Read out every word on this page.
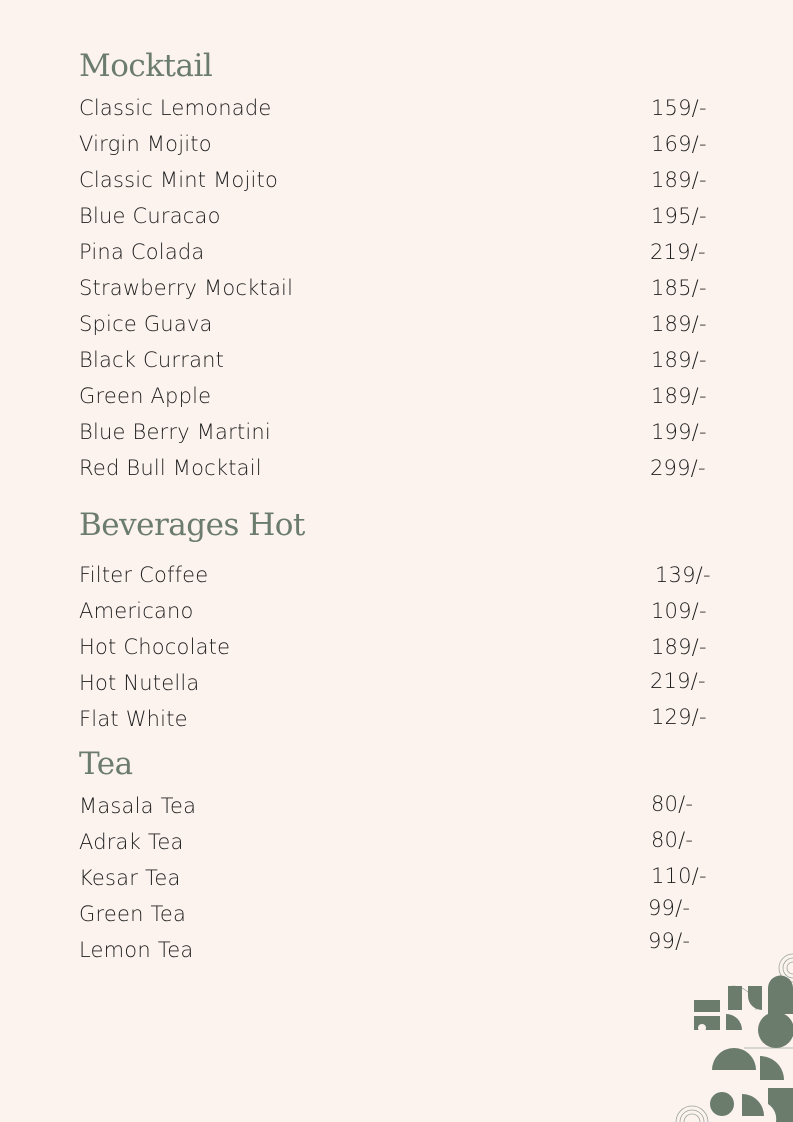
Mocktail
Classic Lemonade	159/-
Virgin Mojito	169/-
Classic Mint Mojito	189/-
Blue Curacao	195/-
Pina Colada	219/-
Strawberry Mocktail	185/-
Spice Guava	189/-
Black Currant	189/-
Green Apple	189/-
Blue Berry Martini	199/-
Red Bull Mocktail	299/-
Beverages Hot
Filter Coffee	139/-
Americano	109/-
Hot Chocolate	189/-
Hot Nutella	219/-
Flat White	129/-
Tea
Masala Tea	80/-
Adrak Tea	80/-
Kesar Tea	110/-
Green Tea	99/-
Lemon Tea	99/-
